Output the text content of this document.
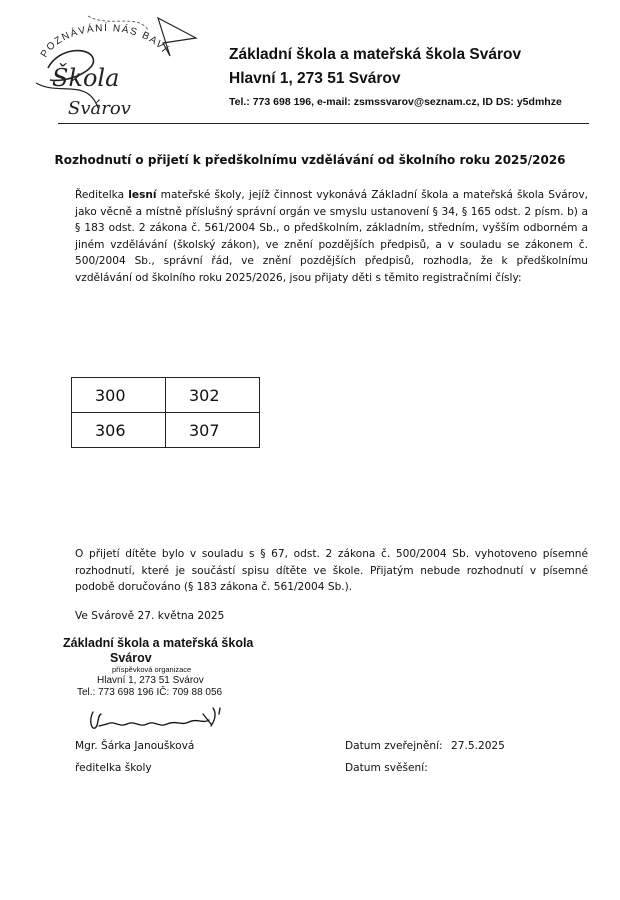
POZNÁVÁNÍ NÁS BAVÍ
Škola
Svárov
Základní škola a mateřská škola Svárov
Hlavní 1, 273 51 Svárov
Tel.: 773 698 196, e-mail: zsmssvarov@seznam.cz, ID DS: y5dmhze
Rozhodnutí o přijetí k předškolnímu vzdělávání od školního roku 2025/2026
Ředitelka lesní mateřské školy, jejíž činnost vykonává Základní škola a mateřská škola Svárov, jako věcně a místně příslušný správní orgán ve smyslu ustanovení § 34, § 165 odst. 2 písm. b) a § 183 odst. 2 zákona č. 561/2004 Sb., o předškolním, základním, středním, vyšším odborném a jiném vzdělávání (školský zákon), ve znění pozdějších předpisů, a v souladu se zákonem č. 500/2004 Sb., správní řád, ve znění pozdějších předpisů, rozhodla, že k předškolnímu vzdělávání od školního roku 2025/2026, jsou přijaty děti s těmito registračními čísly:
300	302
306	307
O přijetí dítěte bylo v souladu s § 67, odst. 2 zákona č. 500/2004 Sb. vyhotoveno písemné rozhodnutí, které je součástí spisu dítěte ve škole. Přijatým nebude rozhodnutí v písemné podobě doručováno (§ 183 zákona č. 561/2004 Sb.).
Ve Svárově 27. května 2025
Základní škola a mateřská škola
Svárov
příspěvková organizace
Hlavní 1, 273 51 Svárov
Tel.: 773 698 196 IČ: 709 88 056
Mgr. Šárka Janoušková
ředitelka školy
Datum zveřejnění: 27.5.2025
Datum svěšení:
